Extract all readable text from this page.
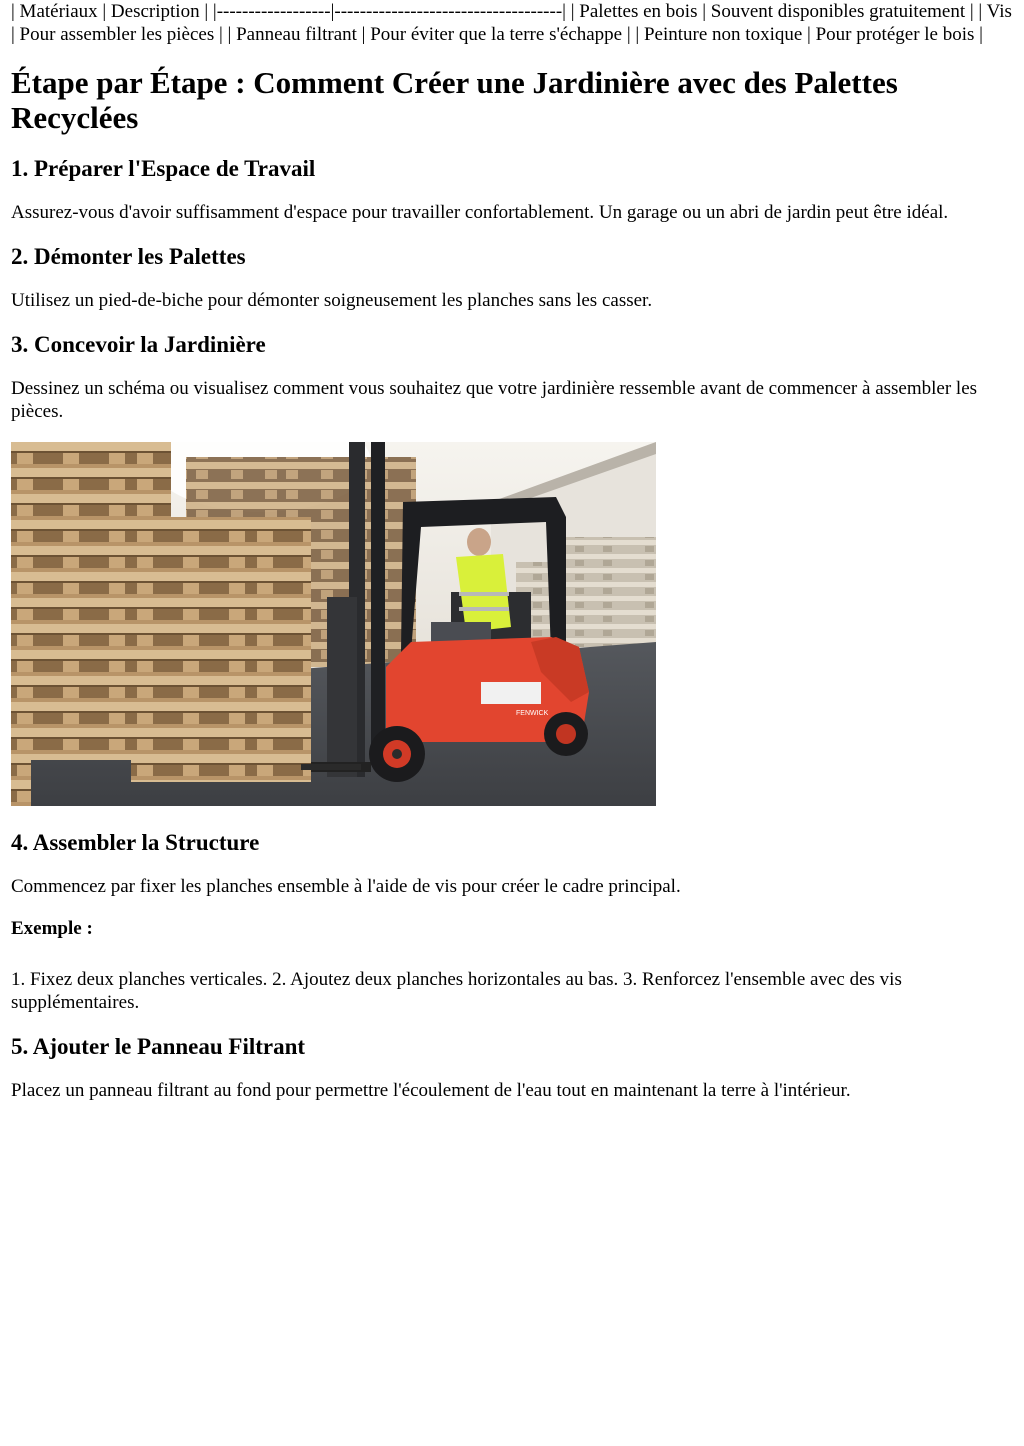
| Matériaux | Description | |------------------|------------------------------------| | Palettes en bois | Souvent disponibles gratuitement | | Vis | Pour assembler les pièces | | Panneau filtrant | Pour éviter que la terre s'échappe | | Peinture non toxique | Pour protéger le bois |

Étape par Étape : Comment Créer une Jardinière avec des Palettes Recyclées
1. Préparer l'Espace de Travail

Assurez-vous d'avoir suffisamment d'espace pour travailler confortablement. Un garage ou un abri de jardin peut être idéal.

2. Démonter les Palettes

Utilisez un pied-de-biche pour démonter soigneusement les planches sans les casser.

3. Concevoir la Jardinière

Dessinez un schéma ou visualisez comment vous souhaitez que votre jardinière ressemble avant de commencer à assembler les pièces.

FENWICK
4. Assembler la Structure

Commencez par fixer les planches ensemble à l'aide de vis pour créer le cadre principal.

Exemple :

1. Fixez deux planches verticales. 2. Ajoutez deux planches horizontales au bas. 3. Renforcez l'ensemble avec des vis supplémentaires.

5. Ajouter le Panneau Filtrant

Placez un panneau filtrant au fond pour permettre l'écoulement de l'eau tout en maintenant la terre à l'intérieur.
